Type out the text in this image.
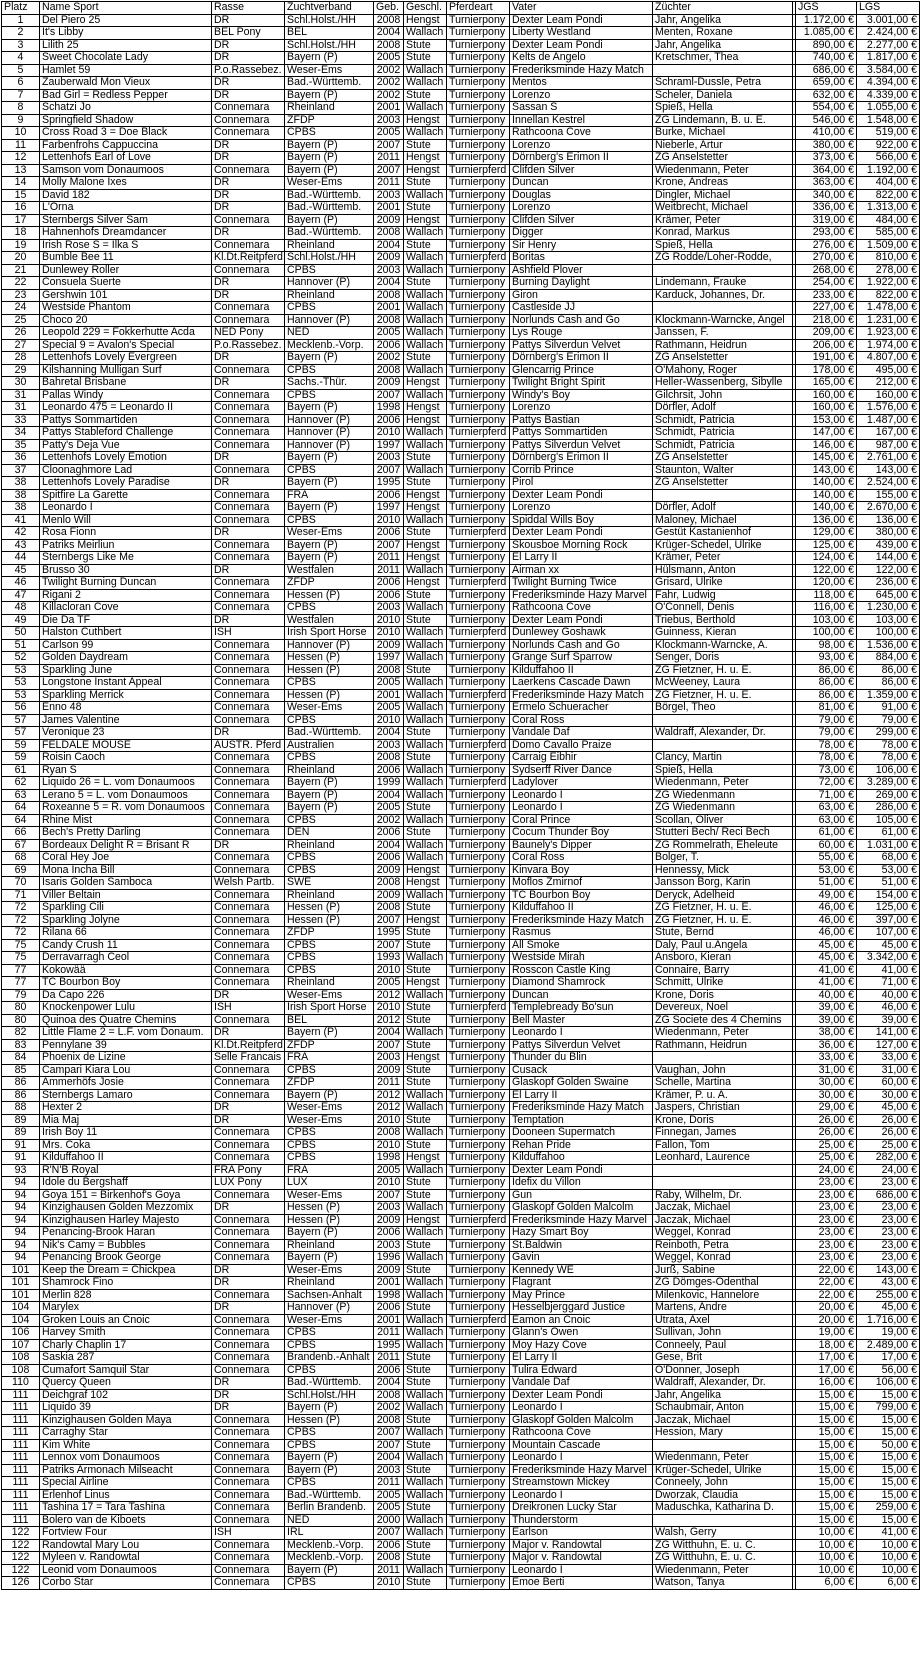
Platz	Name Sport	Rasse	Zuchtverband	Geb.	Geschl.	Pferdeart	Vater	Züchter		JGS	LGS
1	Del Piero 25	DR	Schl.Holst./HH	2008	Hengst	Turnierpony	Dexter Leam Pondi	Jahr, Angelika		1.172,00 €	3.001,00 €
2	It's Libby	BEL Pony	BEL	2004	Wallach	Turnierpony	Liberty Westland	Menten, Roxane		1.085,00 €	2.424,00 €
3	Lilith 25	DR	Schl.Holst./HH	2008	Stute	Turnierpony	Dexter Leam Pondi	Jahr, Angelika		890,00 €	2.277,00 €
4	Sweet Chocolate Lady	DR	Bayern (P)	2005	Stute	Turnierpony	Kelts de Angelo	Kretschmer, Thea		740,00 €	1.817,00 €
5	Hamlet 59	P.o.Rassebez.	Weser-Ems	2002	Wallach	Turnierpony	Frederiksminde Hazy Match			686,00 €	3.584,00 €
6	Zauberwald Mon Vieux	DR	Bad.-Württemb.	2002	Wallach	Turnierpony	Mentos	Schraml-Dussle, Petra		659,00 €	4.394,00 €
7	Bad Girl = Redless Pepper	DR	Bayern (P)	2002	Stute	Turnierpony	Lorenzo	Scheler, Daniela		632,00 €	4.339,00 €
8	Schatzi Jo	Connemara	Rheinland	2001	Wallach	Turnierpony	Sassan S	Spieß, Hella		554,00 €	1.055,00 €
9	Springfield Shadow	Connemara	ZFDP	2003	Hengst	Turnierpony	Innellan Kestrel	ZG Lindemann, B. u. E.		546,00 €	1.548,00 €
10	Cross Road 3 = Doe Black	Connemara	CPBS	2005	Wallach	Turnierpony	Rathcoona Cove	Burke, Michael		410,00 €	519,00 €
11	Farbenfrohs Cappuccina	DR	Bayern (P)	2007	Stute	Turnierpony	Lorenzo	Nieberle, Artur		380,00 €	922,00 €
12	Lettenhofs Earl of Love	DR	Bayern (P)	2011	Hengst	Turnierpony	Dörnberg's Erimon II	ZG Anselstetter		373,00 €	566,00 €
13	Samson vom Donaumoos	Connemara	Bayern (P)	2007	Hengst	Turnierpferd	Clifden Silver	Wiedenmann, Peter		364,00 €	1.192,00 €
14	Molly Malone Ixes	DR	Weser-Ems	2011	Stute	Turnierpony	Duncan	Krone, Andreas		363,00 €	404,00 €
15	David 182	DR	Bad.-Württemb.	2003	Wallach	Turnierpony	Douglas	Dingler, Michael		340,00 €	822,00 €
16	L'Orna	DR	Bad.-Württemb.	2001	Stute	Turnierpony	Lorenzo	Weitbrecht, Michael		336,00 €	1.313,00 €
17	Sternbergs Silver Sam	Connemara	Bayern (P)	2009	Hengst	Turnierpony	Clifden Silver	Krämer, Peter		319,00 €	484,00 €
18	Hahnenhofs Dreamdancer	DR	Bad.-Württemb.	2008	Wallach	Turnierpony	Digger	Konrad, Markus		293,00 €	585,00 €
19	Irish Rose S = Ilka S	Connemara	Rheinland	2004	Stute	Turnierpony	Sir Henry	Spieß, Hella		276,00 €	1.509,00 €
20	Bumble Bee 11	Kl.Dt.Reitpferd	Schl.Holst./HH	2009	Wallach	Turnierpferd	Boritas	ZG Rodde/Loher-Rodde,		270,00 €	810,00 €
21	Dunlewey Roller	Connemara	CPBS	2003	Wallach	Turnierpony	Ashfield Plover			268,00 €	278,00 €
22	Consuela Suerte	DR	Hannover (P)	2004	Stute	Turnierpony	Burning Daylight	Lindemann, Frauke		254,00 €	1.922,00 €
23	Gershwin 101	DR	Rheinland	2008	Wallach	Turnierpony	Giron	Karduck, Johannes, Dr.		233,00 €	822,00 €
24	Westside Phantom	Connemara	CPBS	2001	Wallach	Turnierpony	Castleside JJ			227,00 €	1.478,00 €
25	Choco 20	Connemara	Hannover (P)	2008	Wallach	Turnierpony	Norlunds Cash and Go	Klockmann-Warncke, Angel		218,00 €	1.231,00 €
26	Leopold 229 = Fokkerhutte Acda	NED Pony	NED	2005	Wallach	Turnierpony	Lys Rouge	Janssen, F.		209,00 €	1.923,00 €
27	Special 9 = Avalon's Special	P.o.Rassebez.	Mecklenb.-Vorp.	2006	Wallach	Turnierpony	Pattys Silverdun Velvet	Rathmann, Heidrun		206,00 €	1.974,00 €
28	Lettenhofs Lovely Evergreen	DR	Bayern (P)	2002	Stute	Turnierpony	Dörnberg's Erimon II	ZG Anselstetter		191,00 €	4.807,00 €
29	Kilshanning Mulligan Surf	Connemara	CPBS	2008	Wallach	Turnierpony	Glencarrig Prince	O'Mahony, Roger		178,00 €	495,00 €
30	Bahretal Brisbane	DR	Sachs.-Thür.	2009	Hengst	Turnierpony	Twilight Bright Spirit	Heller-Wassenberg, Sibylle		165,00 €	212,00 €
31	Pallas Windy	Connemara	CPBS	2007	Wallach	Turnierpony	Windy's Boy	Gilchrsit, John		160,00 €	160,00 €
31	Leonardo 475 = Leonardo II	Connemara	Bayern (P)	1998	Hengst	Turnierpony	Lorenzo	Dörfler, Adolf		160,00 €	1.576,00 €
33	Pattys Sommartiden	Connemara	Hannover (P)	2006	Hengst	Turnierpony	Pattys Bastian	Schmidt, Patricia		153,00 €	1.487,00 €
34	Pattys Stableford Challenge	Connemara	Hannover (P)	2010	Wallach	Turnierpferd	Pattys Sommartiden	Schmidt, Patricia		147,00 €	167,00 €
35	Patty's Deja Vue	Connemara	Hannover (P)	1997	Wallach	Turnierpony	Pattys Silverdun Velvet	Schmidt, Patricia		146,00 €	987,00 €
36	Lettenhofs Lovely Emotion	DR	Bayern (P)	2003	Stute	Turnierpony	Dörnberg's Erimon II	ZG Anselstetter		145,00 €	2.761,00 €
37	Cloonaghmore Lad	Connemara	CPBS	2007	Wallach	Turnierpony	Corrib Prince	Staunton, Walter		143,00 €	143,00 €
38	Lettenhofs Lovely Paradise	DR	Bayern (P)	1995	Stute	Turnierpony	Pirol	ZG Anselstetter		140,00 €	2.524,00 €
38	Spitfire La Garette	Connemara	FRA	2006	Hengst	Turnierpony	Dexter Leam Pondi			140,00 €	155,00 €
38	Leonardo I	Connemara	Bayern (P)	1997	Hengst	Turnierpony	Lorenzo	Dörfler, Adolf		140,00 €	2.670,00 €
41	Menlo Will	Connemara	CPBS	2010	Wallach	Turnierpony	Spiddal Wills Boy	Maloney, Michael		136,00 €	136,00 €
42	Rosa Fionn	DR	Weser-Ems	2006	Stute	Turnierpferd	Dexter Leam Pondi	Gestüt Kastanienhof		129,00 €	380,00 €
43	Patriks Meirliun	Connemara	Bayern (P)	2007	Hengst	Turnierpony	Skousboe Morning Rock	Krüger-Schedel, Ulrike		125,00 €	439,00 €
44	Sternbergs Like Me	Connemara	Bayern (P)	2011	Hengst	Turnierpony	El Larry II	Krämer, Peter		124,00 €	144,00 €
45	Brusso 30	DR	Westfalen	2011	Wallach	Turnierpony	Airman xx	Hülsmann, Anton		122,00 €	122,00 €
46	Twilight Burning Duncan	Connemara	ZFDP	2006	Hengst	Turnierpferd	Twilight Burning Twice	Grisard, Ulrike		120,00 €	236,00 €
47	Rigani 2	Connemara	Hessen (P)	2006	Stute	Turnierpony	Frederiksminde Hazy Marvel	Fahr, Ludwig		118,00 €	645,00 €
48	Killacloran Cove	Connemara	CPBS	2003	Wallach	Turnierpony	Rathcoona Cove	O'Connell, Denis		116,00 €	1.230,00 €
49	Die Da TF	DR	Westfalen	2010	Stute	Turnierpony	Dexter Leam Pondi	Triebus, Berthold		103,00 €	103,00 €
50	Halston Cuthbert	ISH	Irish Sport Horse	2010	Wallach	Turnierpferd	Dunlewey Goshawk	Guinness, Kieran		100,00 €	100,00 €
51	Carlson 99	Connemara	Hannover (P)	2009	Wallach	Turnierpony	Norlunds Cash and Go	Klockmann-Warncke, A.		98,00 €	1.536,00 €
52	Golden Daydream	Connemara	Hessen (P)	1997	Wallach	Turnierpony	Grange Surf Sparrow	Senger, Doris		93,00 €	884,00 €
53	Sparkling June	Connemara	Hessen (P)	2008	Stute	Turnierpony	Kilduffahoo II	ZG Fietzner, H. u. E.		86,00 €	86,00 €
53	Longstone Instant Appeal	Connemara	CPBS	2005	Wallach	Turnierpony	Laerkens Cascade Dawn	McWeeney, Laura		86,00 €	86,00 €
53	Sparkling Merrick	Connemara	Hessen (P)	2001	Wallach	Turnierpferd	Frederiksminde Hazy Match	ZG Fietzner, H. u. E.		86,00 €	1.359,00 €
56	Enno 48	Connemara	Weser-Ems	2005	Wallach	Turnierpony	Ermelo Schueracher	Börgel, Theo		81,00 €	91,00 €
57	James Valentine	Connemara	CPBS	2010	Wallach	Turnierpony	Coral Ross			79,00 €	79,00 €
57	Veronique 23	DR	Bad.-Württemb.	2004	Stute	Turnierpony	Vandale Daf	Waldraff, Alexander, Dr.		79,00 €	299,00 €
59	FELDALE MOUSE	AUSTR. Pferd	Australien	2003	Wallach	Turnierpferd	Domo Cavallo Praize			78,00 €	78,00 €
59	Roisin Caoch	Connemara	CPBS	2008	Stute	Turnierpony	Carraig Eibhir	Clancy, Martin		78,00 €	78,00 €
61	Ryan S	Connemara	Rheinland	2006	Wallach	Turnierpony	Sydserff River Dance	Spieß, Hella		73,00 €	106,00 €
62	Liquido 26 = L. vom Donaumoos	Connemara	Bayern (P)	1999	Wallach	Turnierpferd	Ladylover	Wiedenmann, Peter		72,00 €	3.289,00 €
63	Lerano 5 = L. vom Donaumoos	Connemara	Bayern (P)	2004	Wallach	Turnierpony	Leonardo I	ZG Wiedenmann		71,00 €	269,00 €
64	Roxeanne 5 = R. vom Donaumoos	Connemara	Bayern (P)	2005	Stute	Turnierpony	Leonardo I	ZG Wiedenmann		63,00 €	286,00 €
64	Rhine Mist	Connemara	CPBS	2002	Wallach	Turnierpony	Coral Prince	Scollan, Oliver		63,00 €	105,00 €
66	Bech's Pretty Darling	Connemara	DEN	2006	Stute	Turnierpony	Cocum Thunder Boy	Stutteri Bech/ Reci Bech		61,00 €	61,00 €
67	Bordeaux Delight R = Brisant R	DR	Rheinland	2004	Wallach	Turnierpony	Baunely's Dipper	ZG Rommelrath, Eheleute		60,00 €	1.031,00 €
68	Coral Hey Joe	Connemara	CPBS	2006	Wallach	Turnierpony	Coral Ross	Bolger, T.		55,00 €	68,00 €
69	Mona Incha Bill	Connemara	CPBS	2009	Hengst	Turnierpony	Kinvara Boy	Hennessy, Mick		53,00 €	53,00 €
70	Isaris Golden Samboca	Welsh Partb.	SWE	2008	Hengst	Turnierpony	Moflos Zmirnof	Jansson Borg, Karin		51,00 €	51,00 €
71	Viller Beltain	Connemara	Rheinland	2009	Wallach	Turnierpony	TC Bourbon Boy	Deryck, Adelheid		49,00 €	154,00 €
72	Sparkling Cili	Connemara	Hessen (P)	2008	Stute	Turnierpony	Kilduffahoo II	ZG Fietzner, H. u. E.		46,00 €	125,00 €
72	Sparkling Jolyne	Connemara	Hessen (P)	2007	Hengst	Turnierpony	Frederiksminde Hazy Match	ZG Fietzner, H. u. E.		46,00 €	397,00 €
72	Rilana 66	Connemara	ZFDP	1995	Stute	Turnierpony	Rasmus	Stute, Bernd		46,00 €	107,00 €
75	Candy Crush 11	Connemara	CPBS	2007	Stute	Turnierpony	All Smoke	Daly, Paul u.Angela		45,00 €	45,00 €
75	Derravarragh Ceol	Connemara	CPBS	1993	Wallach	Turnierpony	Westside Mirah	Ansboro, Kieran		45,00 €	3.342,00 €
77	Kokowää	Connemara	CPBS	2010	Stute	Turnierpony	Rosscon Castle King	Connaire, Barry		41,00 €	41,00 €
77	TC Bourbon Boy	Connemara	Rheinland	2005	Hengst	Turnierpony	Diamond Shamrock	Schmitt, Ulrike		41,00 €	71,00 €
79	Da Capo 226	DR	Weser-Ems	2012	Wallach	Turnierpony	Duncan	Krone, Doris		40,00 €	40,00 €
80	Knockenpower Lulu	ISH	Irish Sport Horse	2010	Stute	Turnierpferd	Templebready Bo'sun	Devereux, Noel		39,00 €	46,00 €
80	Quinoa des Quatre Chemins	Connemara	BEL	2012	Stute	Turnierpony	Bell Master	ZG Societe des 4 Chemins		39,00 €	39,00 €
82	Little Flame 2 = L.F. vom Donaum.	DR	Bayern (P)	2004	Wallach	Turnierpony	Leonardo I	Wiedenmann, Peter		38,00 €	141,00 €
83	Pennylane 39	Kl.Dt.Reitpferd	ZFDP	2007	Stute	Turnierpony	Pattys Silverdun Velvet	Rathmann, Heidrun		36,00 €	127,00 €
84	Phoenix de Lizine	Selle Francais	FRA	2003	Hengst	Turnierpony	Thunder du Blin			33,00 €	33,00 €
85	Campari Kiara Lou	Connemara	CPBS	2009	Stute	Turnierpony	Cusack	Vaughan, John		31,00 €	31,00 €
86	Ammerhöfs Josie	Connemara	ZFDP	2011	Stute	Turnierpony	Glaskopf Golden Swaine	Schelle, Martina		30,00 €	60,00 €
86	Sternbergs Lamaro	Connemara	Bayern (P)	2012	Wallach	Turnierpony	El Larry II	Krämer, P. u. A.		30,00 €	30,00 €
88	Hexter 2	DR	Weser-Ems	2012	Wallach	Turnierpony	Frederiksminde Hazy Match	Jaspers, Christian		29,00 €	45,00 €
89	Mia Maj	DR	Weser-Ems	2010	Stute	Turnierpony	Temptation	Krone, Doris		26,00 €	26,00 €
89	Irish Boy 11	Connemara	CPBS	2008	Wallach	Turnierpony	Dooneen Supermatch	Finnegan, James		26,00 €	26,00 €
91	Mrs. Coka	Connemara	CPBS	2010	Stute	Turnierpony	Rehan Pride	Fallon, Tom		25,00 €	25,00 €
91	Kilduffahoo II	Connemara	CPBS	1998	Hengst	Turnierpony	Kilduffahoo	Leonhard, Laurence		25,00 €	282,00 €
93	R'N'B Royal	FRA Pony	FRA	2005	Wallach	Turnierpony	Dexter Leam Pondi			24,00 €	24,00 €
94	Idole du Bergshaff	LUX Pony	LUX	2010	Stute	Turnierpony	Idefix du Villon			23,00 €	23,00 €
94	Goya 151 = Birkenhof's Goya	Connemara	Weser-Ems	2007	Stute	Turnierpony	Gun	Raby, Wilhelm, Dr.		23,00 €	686,00 €
94	Kinzighausen Golden Mezzomix	DR	Hessen (P)	2003	Wallach	Turnierpony	Glaskopf Golden Malcolm	Jaczak, Michael		23,00 €	23,00 €
94	Kinzighausen Harley Majesto	Connemara	Hessen (P)	2009	Hengst	Turnierpferd	Frederiksminde Hazy Marvel	Jaczak, Michael		23,00 €	23,00 €
94	Penancing-Brook Haran	Connemara	Bayern (P)	2006	Wallach	Turnierpony	Hazy Smart Boy	Weggel, Konrad		23,00 €	23,00 €
94	Nik's Camy = Bubbles	Connemara	Rheinland	2003	Stute	Turnierpony	St.Baldwin	Reinboth, Petra		23,00 €	23,00 €
94	Penancing Brook George	Connemara	Bayern (P)	1996	Wallach	Turnierpony	Gavin	Weggel, Konrad		23,00 €	23,00 €
101	Keep the Dream = Chickpea	DR	Weser-Ems	2009	Stute	Turnierpony	Kennedy WE	Jurß, Sabine		22,00 €	143,00 €
101	Shamrock Fino	DR	Rheinland	2001	Wallach	Turnierpony	Flagrant	ZG Dömges-Odenthal		22,00 €	43,00 €
101	Merlin 828	Connemara	Sachsen-Anhalt	1998	Wallach	Turnierpony	May Prince	Milenkovic, Hannelore		22,00 €	255,00 €
104	Marylex	DR	Hannover (P)	2006	Stute	Turnierpony	Hesselbjerggard Justice	Martens, Andre		20,00 €	45,00 €
104	Groken Louis an Cnoic	Connemara	Weser-Ems	2001	Wallach	Turnierpferd	Eamon an Cnoic	Utrata, Axel		20,00 €	1.716,00 €
106	Harvey Smith	Connemara	CPBS	2011	Wallach	Turnierpony	Glann's Owen	Sullivan, John		19,00 €	19,00 €
107	Charly Chaplin 17	Connemara	CPBS	1995	Wallach	Turnierpony	Moy Hazy Cove	Conneely, Paul		18,00 €	2.489,00 €
108	Saskia 287	Connemara	Brandenb.-Anhalt	2011	Stute	Turnierpony	El Larry II	Gese, Brit		17,00 €	17,00 €
108	Cumafort Samquil Star	Connemara	CPBS	2006	Stute	Turnierpony	Tulira Edward	O'Donner, Joseph		17,00 €	56,00 €
110	Quercy Queen	DR	Bad.-Württemb.	2004	Stute	Turnierpony	Vandale Daf	Waldraff, Alexander, Dr.		16,00 €	106,00 €
111	Deichgraf 102	DR	Schl.Holst./HH	2008	Wallach	Turnierpony	Dexter Leam Pondi	Jahr, Angelika		15,00 €	15,00 €
111	Liquido 39	DR	Bayern (P)	2002	Wallach	Turnierpony	Leonardo I	Schaubmair, Anton		15,00 €	799,00 €
111	Kinzighausen Golden Maya	Connemara	Hessen (P)	2008	Stute	Turnierpony	Glaskopf Golden Malcolm	Jaczak, Michael		15,00 €	15,00 €
111	Carraghy Star	Connemara	CPBS	2007	Wallach	Turnierpony	Rathcoona Cove	Hession, Mary		15,00 €	15,00 €
111	Kim White	Connemara	CPBS	2007	Stute	Turnierpony	Mountain Cascade			15,00 €	50,00 €
111	Lennox vom Donaumoos	Connemara	Bayern (P)	2004	Wallach	Turnierpony	Leonardo I	Wiedenmann, Peter		15,00 €	15,00 €
111	Patriks Armonach Milseacht	Connemara	Bayern (P)	2003	Stute	Turnierpony	Frederiksminde Hazy Marvel	Krüger-Schedel, Ulrike		15,00 €	15,00 €
111	Special Airline	Connemara	CPBS	2011	Wallach	Turnierpony	Streamstown Mickey	Conneely, John		15,00 €	15,00 €
111	Erlenhof Linus	Connemara	Bad.-Württemb.	2005	Wallach	Turnierpony	Leonardo I	Dworzak, Claudia		15,00 €	15,00 €
111	Tashina 17 = Tara Tashina	Connemara	Berlin Brandenb.	2005	Stute	Turnierpony	Dreikronen Lucky Star	Maduschka, Katharina D.		15,00 €	259,00 €
111	Bolero van de Kiboets	Connemara	NED	2000	Wallach	Turnierpony	Thunderstorm			15,00 €	15,00 €
122	Fortview Four	ISH	IRL	2007	Wallach	Turnierpony	Earlson	Walsh, Gerry		10,00 €	41,00 €
122	Randowtal Mary Lou	Connemara	Mecklenb.-Vorp.	2006	Stute	Turnierpony	Major v. Randowtal	ZG Witthuhn, E. u. C.		10,00 €	10,00 €
122	Myleen v. Randowtal	Connemara	Mecklenb.-Vorp.	2008	Stute	Turnierpony	Major v. Randowtal	ZG Witthuhn, E. u. C.		10,00 €	10,00 €
122	Leonid vom Donaumoos	Connemara	Bayern (P)	2011	Wallach	Turnierpony	Leonardo I	Wiedenmann, Peter		10,00 €	10,00 €
126	Corbo Star	Connemara	CPBS	2010	Stute	Turnierpony	Emoe Berti	Watson, Tanya		6,00 €	6,00 €
